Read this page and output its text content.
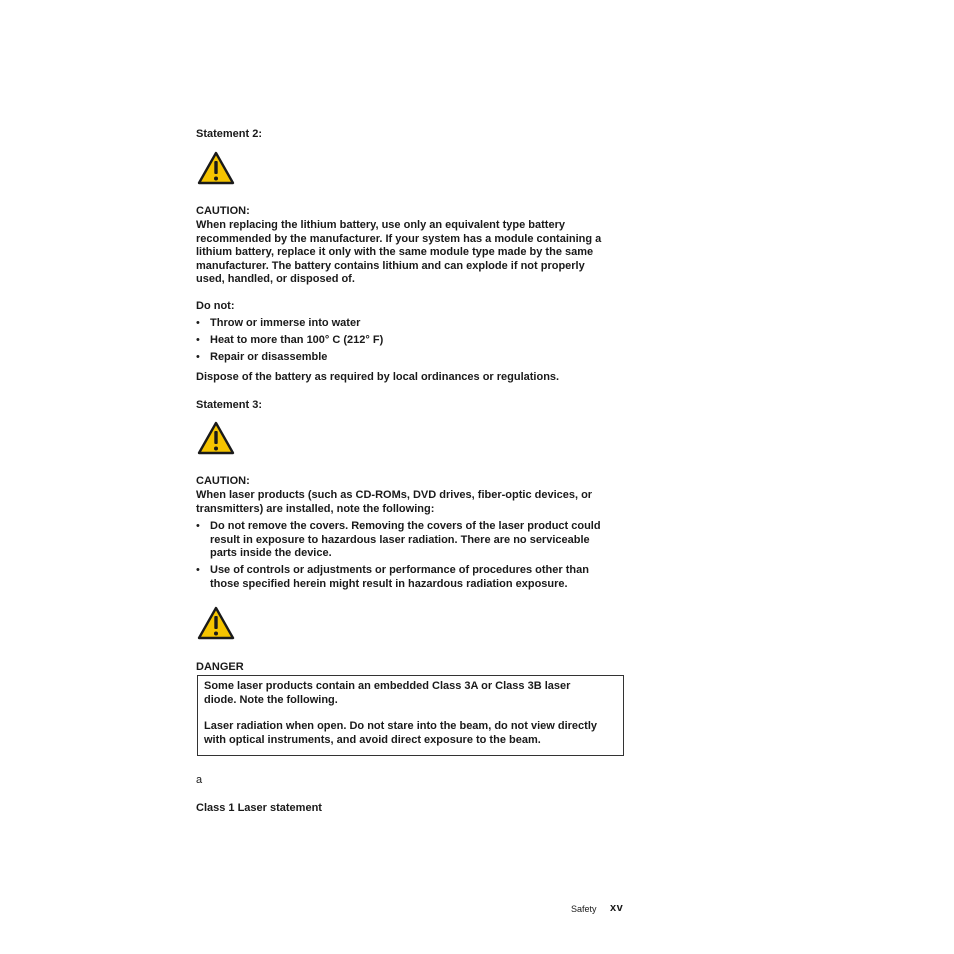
Statement 2:
CAUTION:
When replacing the lithium battery, use only an equivalent type battery
recommended by the manufacturer. If your system has a module containing a
lithium battery, replace it only with the same module type made by the same
manufacturer. The battery contains lithium and can explode if not properly
used, handled, or disposed of.
Do not:
• Throw or immerse into water
• Heat to more than 100° C (212° F)
• Repair or disassemble
Dispose of the battery as required by local ordinances or regulations.
Statement 3:
CAUTION:
When laser products (such as CD-ROMs, DVD drives, fiber-optic devices, or
transmitters) are installed, note the following:
• Do not remove the covers. Removing the covers of the laser product could
result in exposure to hazardous laser radiation. There are no serviceable
parts inside the device.
• Use of controls or adjustments or performance of procedures other than
those specified herein might result in hazardous radiation exposure.
DANGER
Some laser products contain an embedded Class 3A or Class 3B laser
diode. Note the following.
Laser radiation when open. Do not stare into the beam, do not view directly
with optical instruments, and avoid direct exposure to the beam.
a
Class 1 Laser statement
Safety xv
